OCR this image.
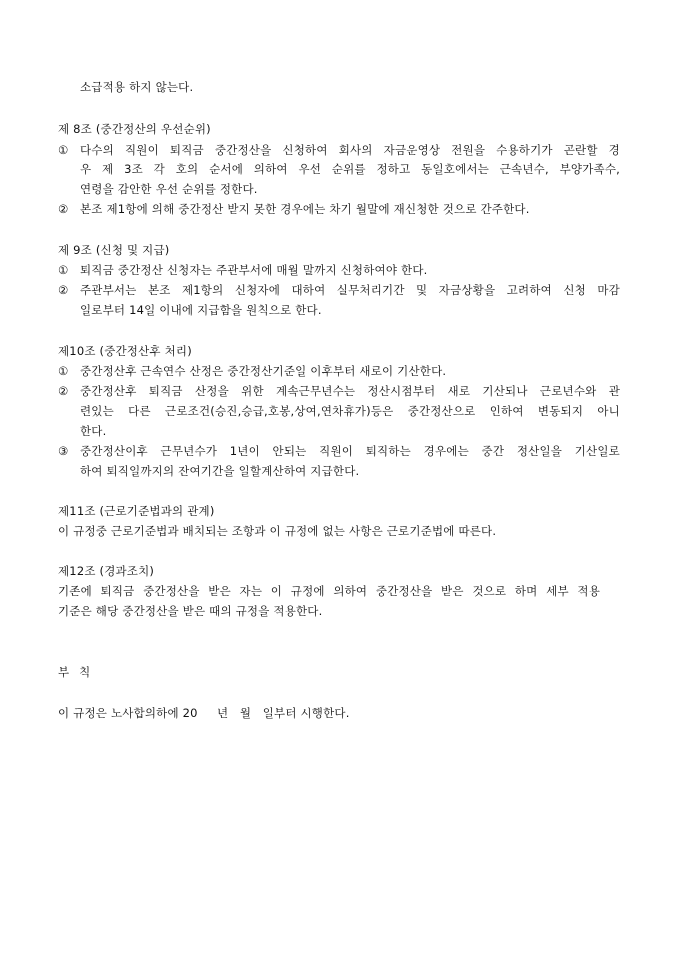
소급적용 하지 않는다.
제 8조 (중간정산의 우선순위)
① 다수의 직원이 퇴직금 중간정산을 신청하여 회사의 자금운영상 전원을 수용하기가 곤란할 경
우 제 3조 각 호의 순서에 의하여 우선 순위를 정하고 동일호에서는 근속년수, 부양가족수,
연령을 감안한 우선 순위를 정한다.
② 본조 제1항에 의해 중간정산 받지 못한 경우에는 차기 월말에 재신청한 것으로 간주한다.
제 9조 (신청 및 지급)
① 퇴직금 중간정산 신청자는 주관부서에 매월 말까지 신청하여야 한다.
② 주관부서는 본조 제1항의 신청자에 대하여 실무처리기간 및 자금상황을 고려하여 신청 마감
일로부터 14일 이내에 지급함을 원칙으로 한다.
제10조 (중간정산후 처리)
① 중간정산후 근속연수 산정은 중간정산기준일 이후부터 새로이 기산한다.
② 중간정산후 퇴직금 산정을 위한 계속근무년수는 정산시점부터 새로 기산되나 근로년수와 관
련있는 다른 근로조건(승진,승급,호봉,상여,연차휴가)등은 중간정산으로 인하여 변동되지 아니
한다.
③ 중간정산이후 근무년수가 1년이 안되는 직원이 퇴직하는 경우에는 중간 정산일을 기산일로
하여 퇴직일까지의 잔여기간을 일할계산하여 지급한다.
제11조 (근로기준법과의 관계)
이 규정중 근로기준법과 배치되는 조항과 이 규정에 없는 사항은 근로기준법에 따른다.
제12조 (경과조치)
기존에 퇴직금 중간정산을 받은 자는 이 규정에 의하여 중간정산을 받은 것으로 하며 세부 적용
기준은 해당 중간정산을 받은 때의 규정을 적용한다.
부 칙
이 규정은 노사합의하에 20     년   월   일부터 시행한다.
